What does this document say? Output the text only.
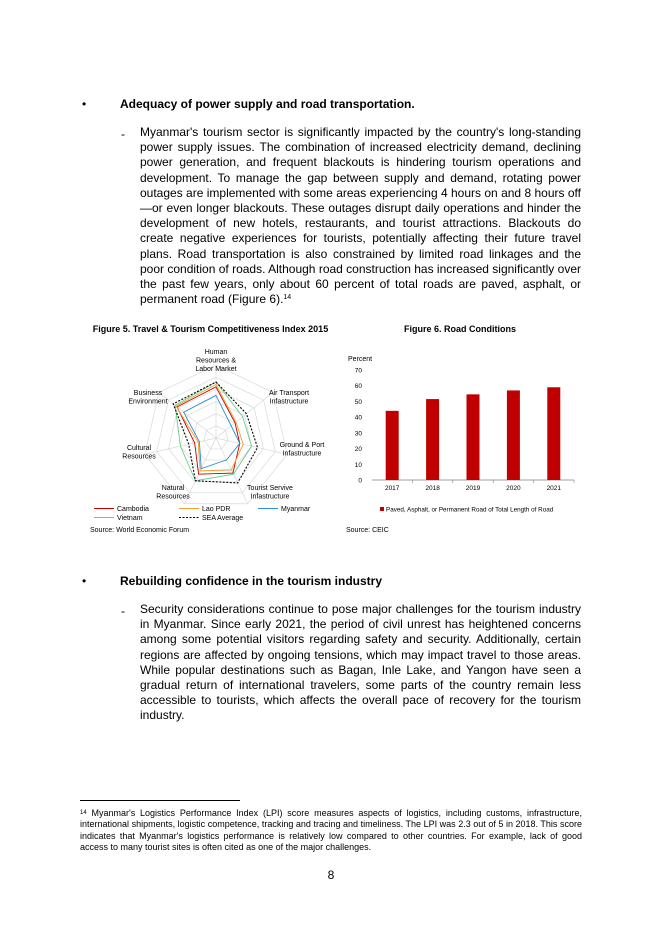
•	Adequacy of power supply and road transportation.
- Myanmar's tourism sector is significantly impacted by the country's long-standing power supply issues. The combination of increased electricity demand, declining power generation, and frequent blackouts is hindering tourism operations and development. To manage the gap between supply and demand, rotating power outages are implemented with some areas experiencing 4 hours on and 8 hours off—or even longer blackouts. These outages disrupt daily operations and hinder the development of new hotels, restaurants, and tourist attractions. Blackouts do create negative experiences for tourists, potentially affecting their future travel plans. Road transportation is also constrained by limited road linkages and the poor condition of roads. Although road construction has increased significantly over the past few years, only about 60 percent of total roads are paved, asphalt, or permanent road (Figure 6).$^{14}$
Figure 5. Travel & Tourism Competitiveness Index 2015
Human Resources & Labor Market
Air Transport Infastructure
Ground & Port Infastructure
Tourist Servive Infastructure
Natural Resources
Cultural Resources
Business Environment
Cambodia	Lao PDR	Myanmar
Vietnam	SEA Average
Source: World Economic Forum
Figure 6. Road Conditions
Percent
0
10
20
30
40
50
60
70
2017	2018	2019	2020	2021
Paved, Asphalt, or Permanent Road of Total Length of Road
Source: CEIC
•	Rebuilding confidence in the tourism industry
- Security considerations continue to pose major challenges for the tourism industry in Myanmar. Since early 2021, the period of civil unrest has heightened concerns among some potential visitors regarding safety and security. Additionally, certain regions are affected by ongoing tensions, which may impact travel to those areas. While popular destinations such as Bagan, Inle Lake, and Yangon have seen a gradual return of international travelers, some parts of the country remain less accessible to tourists, which affects the overall pace of recovery for the tourism industry.
$^{14}$ Myanmar's Logistics Performance Index (LPI) score measures aspects of logistics, including customs, infrastructure, international shipments, logistic competence, tracking and tracing and timeliness. The LPI was 2.3 out of 5 in 2018. This score indicates that Myanmar's logistics performance is relatively low compared to other countries. For example, lack of good access to many tourist sites is often cited as one of the major challenges.
8
